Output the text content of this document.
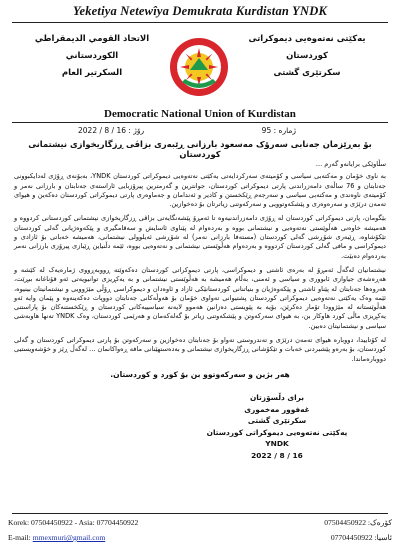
Yeketiya Netewîya Demukrata Kurdistan YNDK
الاتحاد القومي الديمقراطي الكوردستاني
السكرتير العام
یەکێتی نەتەوەیی دیموکراتی کوردستان
سکرتێری گشتی
Democratic National Union of Kurdistan
ژمارە : 95
رۆژ : 16 / 8 / 2022
بۆ بەڕێزمان جەنابی سەرۆک مەسعود بارزانی ڕێبەری بزاڤی ڕزگاریخوازی نیشتمانی کوردستان

سڵاوێکی برایانەو گەرم ...

بە ناوی خۆمان و مەکتەبی سیاسی و کۆمیتەی سەرکردایەتی یەکێتی نەتەوەیی دیموکراتی کوردستان YNDK، بەبۆنەی ڕۆژی لەدایکبوونی جەنابتان و 76 ساڵەی دامەزراندنی پارتی دیموکراتی کوردستان، جوانترین و گەرمترین پیرۆزبایی ئاراستەی جەنابتان و بارزانی نەمر و کۆمیتەی ناوەندی و مەکتەبی سیاسی و سەرجەم ڕێکخستن و کادیر و ئەندامان و جەماوەری پارتی دیموکراتی کوردستان دەکەین و هیوای تەمەن درێژی و سەرەوەری و پێشکەوتوویی و سەرکەوتنی زیاترتان بۆ دەخوازین.

بێگومان، پارتی دیموکراتی کوردستان لە ڕۆژی دامەزراندنیەوە تا ئەمڕۆ پێشەنگایەتی بزاڤی ڕزگاریخوازی نیشتمانی کوردستانی کردووە و هەمیشە خاوەنی هەڵوێستی نەتەوەیی و نیشتمانی بووە و بەردەوام لە پێناوی ئاسایش و سەقامگیری و پێکەوەژیانی گەلی کوردستان تێکۆشاوە، ڕێبەری شۆڕشی گەلی کوردستان (مستەفا بارزانی نەمر) لە شۆڕشی ئەیلوولی نیشتمانی، هەمیشە خەباتی بۆ ئازادی و دیموکراسی و مافی گەلی کوردستان کردووە و بەردەوام هەڵوێستی نیشتمانی و نەتەوەیی بووە، ئێمە دڵنیاین ڕێبازی پیرۆزی بارزانی نەمر بەردەوام دەبێت.

نیشتمانیان لەگەڵ ئەمڕۆ لە بەرەی ئاشتی و دیموکراسی، پارتی دیموکراتی کوردستان دەکەوێتە ڕووبەڕووی ژمارەیەک لە کێشە و هەڕەشەی جیاوازی ئابووری و سیاسی و ئەمنی، بەڵام هەمیشە بە هەڵوێستی نیشتمانی و بە یەکڕیزی توانیویەتی ئەو قۆناغانە ببڕێت، هەروەها جەنابتان لە پێناو ئاشتی و پێکەوەژیان و بنیاتنانی کوردستانێکی ئازاد و ئاوەدان و دیموکراسی ڕۆڵی مێژوویی و نیشتمانیتان بینیوە، ئێمە وەک یەکێتی نەتەوەیی دیموکراتی کوردستان پشتیوانی تەواوی خۆمان بۆ هەوڵەکانی جەنابتان دووپات دەکەینەوە و پێمان وایە ئەو هەڵوێستانە لە مێژوودا تۆمار دەکرێن، بۆیە بە پێویستی دەزانین هەموو لایەنە سیاسییەکانی کوردستان و ڕێکخستنەکان بۆ پاراستنی یەکڕیزی ماڵی کورد هاوکار بن، بە هیوای سەرکەوتن و پێشکەوتنی زیاتر بۆ گەلەکەمان و هەرێمی کوردستان، وەک YNDK تەنها هاوبەشی سیاسی و نیشتمانیتان دەبین.

لە کۆتاییدا، دووبارە هیوای تەمەن درێژی و تەندروستی تەواو بۆ جەنابتان دەخوازین و سەرکەوتن بۆ پارتی دیموکراتی کوردستان و گەلی کوردستان، بۆ بەرەو پێشبردنی خەبات و تێکۆشانی ڕزگاریخوازی نیشتمانی و بەدەستهێنانی مافە ڕەواکانمان ... لەگەڵ ڕێز و خۆشەویستیی دووبارەماندا.

هەر بژین و سەرکەوتوو بن بۆ کورد و کوردستان.
برای دڵسۆزتان
غەفوور مەخموری
سکرتێری گشتی
یەکێتی نەتەوەیی دیموکراتی کوردستان YNDK
2022 / 8 / 16
Korek: 07504450922 - Asia: 07704450922	کۆرەک: 07504450922
E-mail: mmexmuri@gmail.com	ئاسیا: 07704450922
